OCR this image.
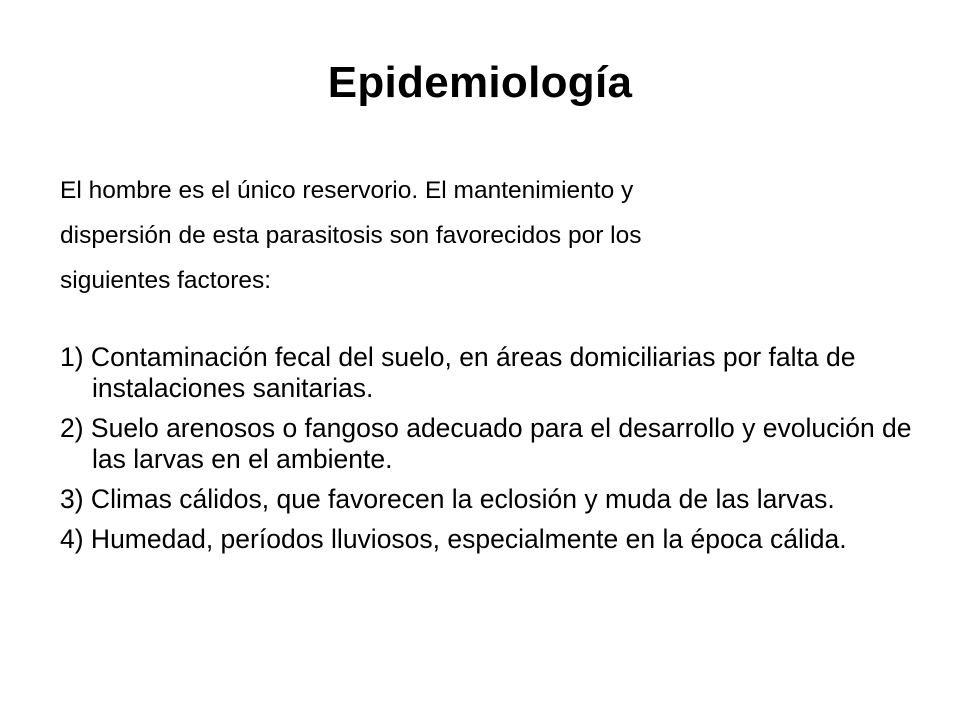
Epidemiología
El hombre es el único reservorio. El mantenimiento y
dispersión de esta parasitosis son favorecidos por los
siguientes factores:
1) Contaminación fecal del suelo, en áreas domiciliarias por falta de instalaciones sanitarias.
2) Suelo arenosos o fangoso adecuado para el desarrollo y evolución de las larvas en el ambiente.
3) Climas cálidos, que favorecen la eclosión y muda de las larvas.
4) Humedad, períodos lluviosos, especialmente en la época cálida.
